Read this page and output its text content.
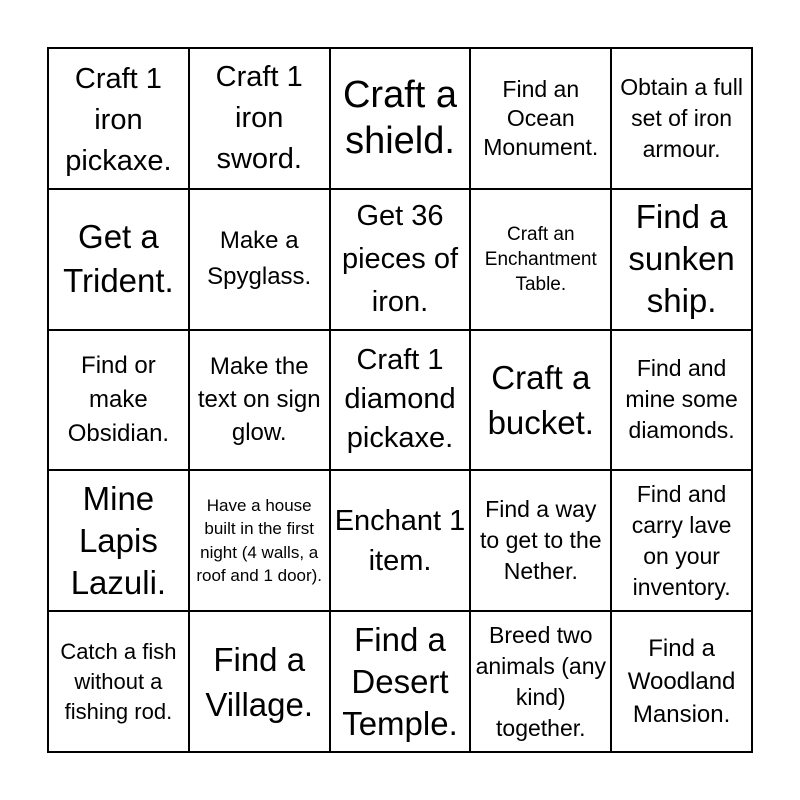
Craft 1 iron pickaxe.
Craft 1 iron sword.
Craft a shield.
Find an Ocean Monument.
Obtain a full set of iron armour.
Get a Trident.
Make a Spyglass.
Get 36 pieces of iron.
Craft an Enchantment Table.
Find a sunken ship.
Find or make Obsidian.
Make the text on sign glow.
Craft 1 diamond pickaxe.
Craft a bucket.
Find and mine some diamonds.
Mine Lapis Lazuli.
Have a house built in the first night (4 walls, a roof and 1 door).
Enchant 1 item.
Find a way to get to the Nether.
Find and carry lave on your inventory.
Catch a fish without a fishing rod.
Find a Village.
Find a Desert Temple.
Breed two animals (any kind) together.
Find a Woodland Mansion.
